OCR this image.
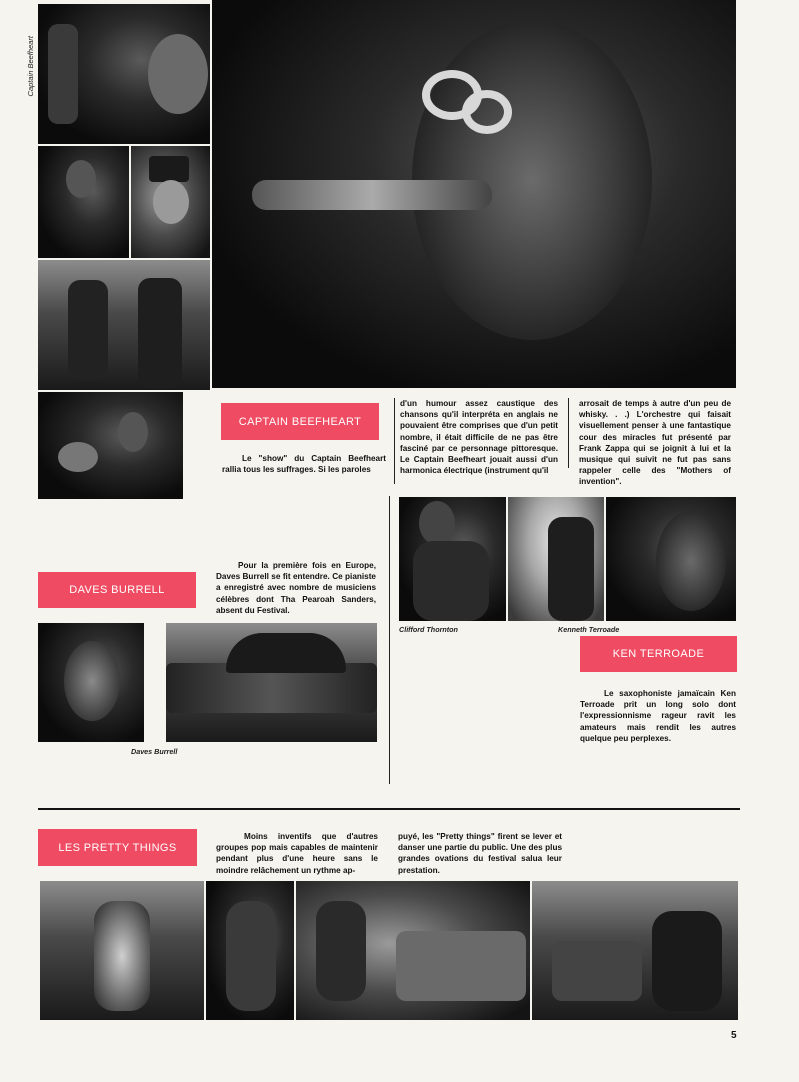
Captain Beefheart
CAPTAIN BEEFHEART
Le "show" du Captain Beefheart rallia tous les suffrages. Si les paroles
d'un humour assez caustique des chansons qu'il interpréta en anglais ne pouvaient être comprises que d'un petit nombre, il était difficile de ne pas être fasciné par ce personnage pittoresque. Le Captain Beefheart jouait aussi d'un harmonica électrique (instrument qu'il
arrosait de temps à autre d'un peu de whisky. . .) L'orchestre qui faisait visuellement penser à une fantastique cour des miracles fut présenté par Frank Zappa qui se joignit à lui et la musique qui suivit ne fut pas sans rappeler celle des "Mothers of invention".
DAVES BURRELL
Pour la première fois en Europe, Daves Burrell se fit entendre. Ce pianiste a enregistré avec nombre de musiciens célèbres dont Tha Pearoah Sanders, absent du Festival.
Daves Burrell
Clifford Thornton	Kenneth Terroade
KEN TERROADE
Le saxophoniste jamaïcain Ken Terroade prit un long solo dont l'expressionnisme rageur ravit les amateurs mais rendit les autres quelque peu perplexes.
LES PRETTY THINGS
Moins inventifs que d'autres groupes pop mais capables de maintenir pendant plus d'une heure sans le moindre relâchement un rythme ap-
puyé, les "Pretty things" firent se lever et danser une partie du public. Une des plus grandes ovations du festival salua leur prestation.
5
